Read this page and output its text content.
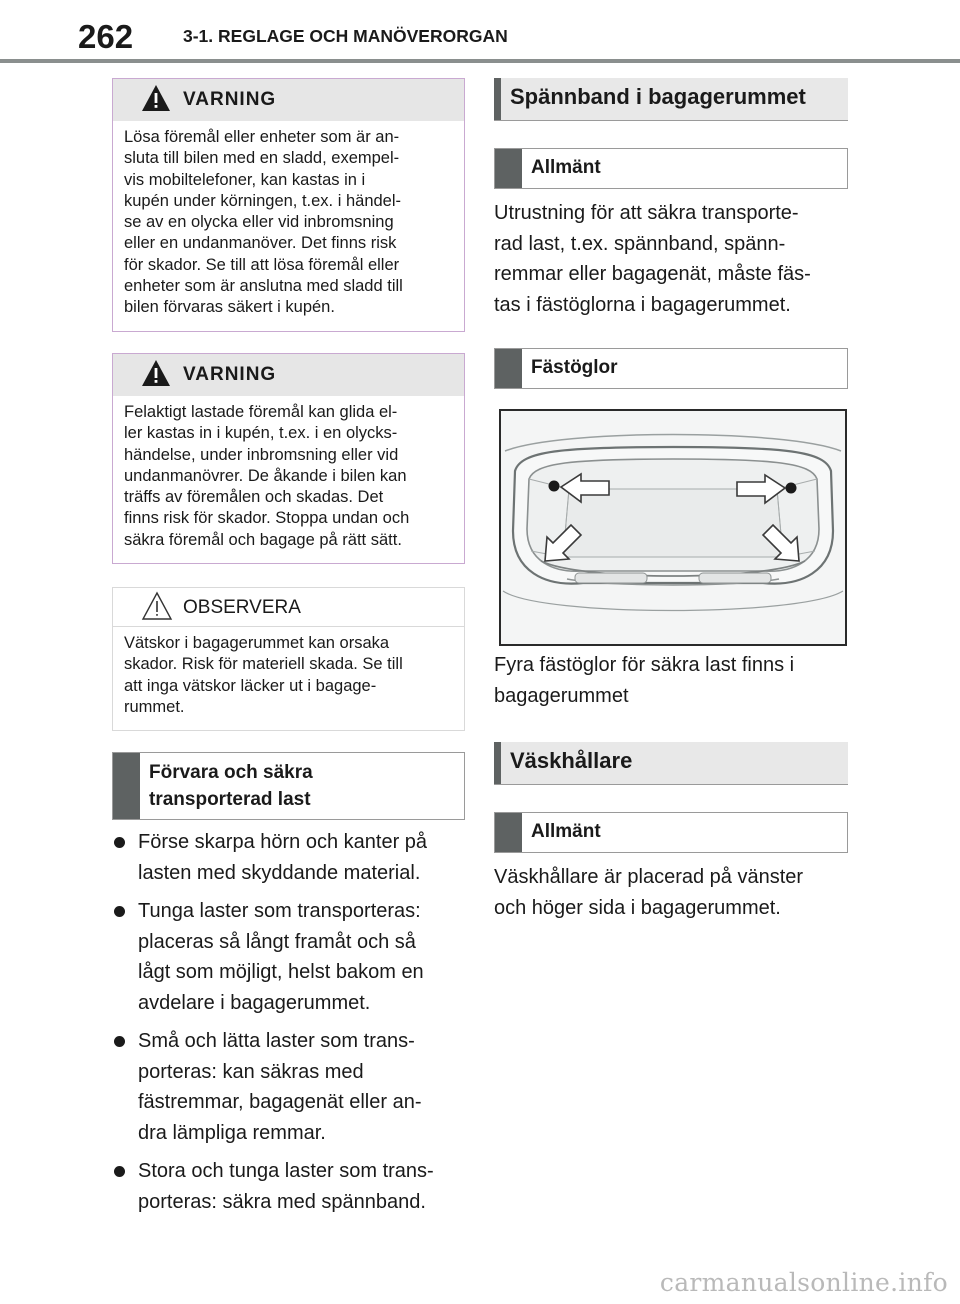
262	3-1. REGLAGE OCH MANÖVERORGAN
VARNING
Lösa föremål eller enheter som är an-
sluta till bilen med en sladd, exempel-
vis mobiltelefoner, kan kastas in i
kupén under körningen, t.ex. i händel-
se av en olycka eller vid inbromsning
eller en undanmanöver. Det finns risk
för skador. Se till att lösa föremål eller
enheter som är anslutna med sladd till
bilen förvaras säkert i kupén.
VARNING
Felaktigt lastade föremål kan glida el-
ler kastas in i kupén, t.ex. i en olycks-
händelse, under inbromsning eller vid
undanmanövrer. De åkande i bilen kan
träffs av föremålen och skadas. Det
finns risk för skador. Stoppa undan och
säkra föremål och bagage på rätt sätt.
OBSERVERA
Vätskor i bagagerummet kan orsaka
skador. Risk för materiell skada. Se till
att inga vätskor läcker ut i bagage-
rummet.
Förvara och säkra
transporterad last
Förse skarpa hörn och kanter på
lasten med skyddande material.
Tunga laster som transporteras:
placeras så långt framåt och så
lågt som möjligt, helst bakom en
avdelare i bagagerummet.
Små och lätta laster som trans-
porteras: kan säkras med
fästremmar, bagagenät eller an-
dra lämpliga remmar.
Stora och tunga laster som trans-
porteras: säkra med spännband.
Spännband i bagagerummet
Allmänt
Utrustning för att säkra transporte-
rad last, t.ex. spännband, spänn-
remmar eller bagagenät, måste fäs-
tas i fästöglorna i bagagerummet.
Fästöglor
Fyra fästöglor för säkra last finns i
bagagerummet
Väskhållare
Allmänt
Väskhållare är placerad på vänster
och höger sida i bagagerummet.
carmanualsonline.info
